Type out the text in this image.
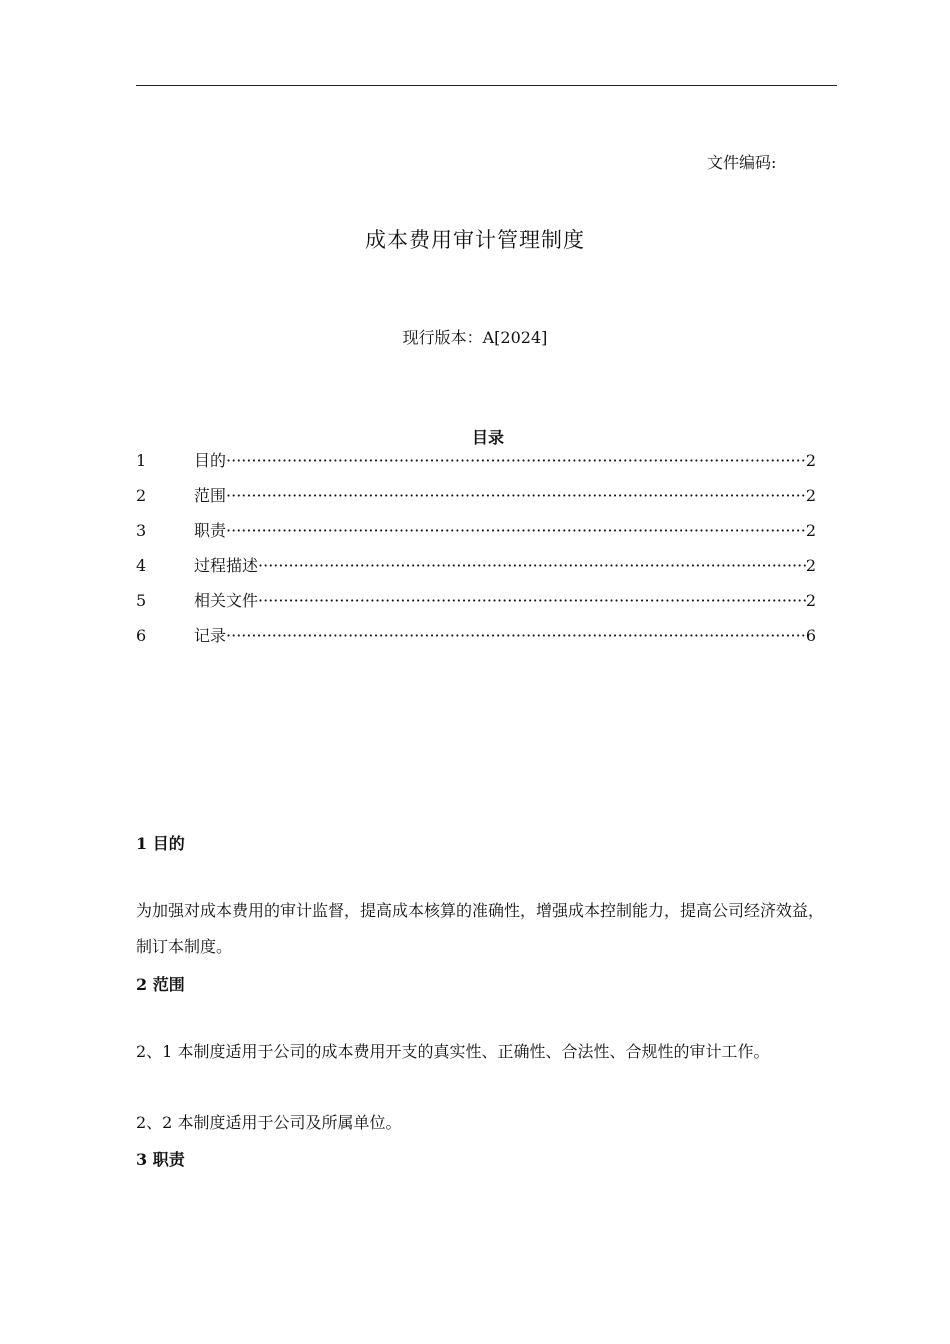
文件编码:
成本费用审计管理制度
现行版本：A[2024]
目录
1	目的 ·····	2
2	范围 ·····	2
3	职责 ·····	2
4	过程描述 ·····	2
5	相关文件 ·····	2
6	记录 ·····	6
1 目的
为加强对成本费用的审计监督，提高成本核算的准确性，增强成本控制能力，提高公司经济效益，制订本制度。
2 范围
2、1 本制度适用于公司的成本费用开支的真实性、正确性、合法性、合规性的审计工作。
2、2 本制度适用于公司及所属单位。
3 职责
